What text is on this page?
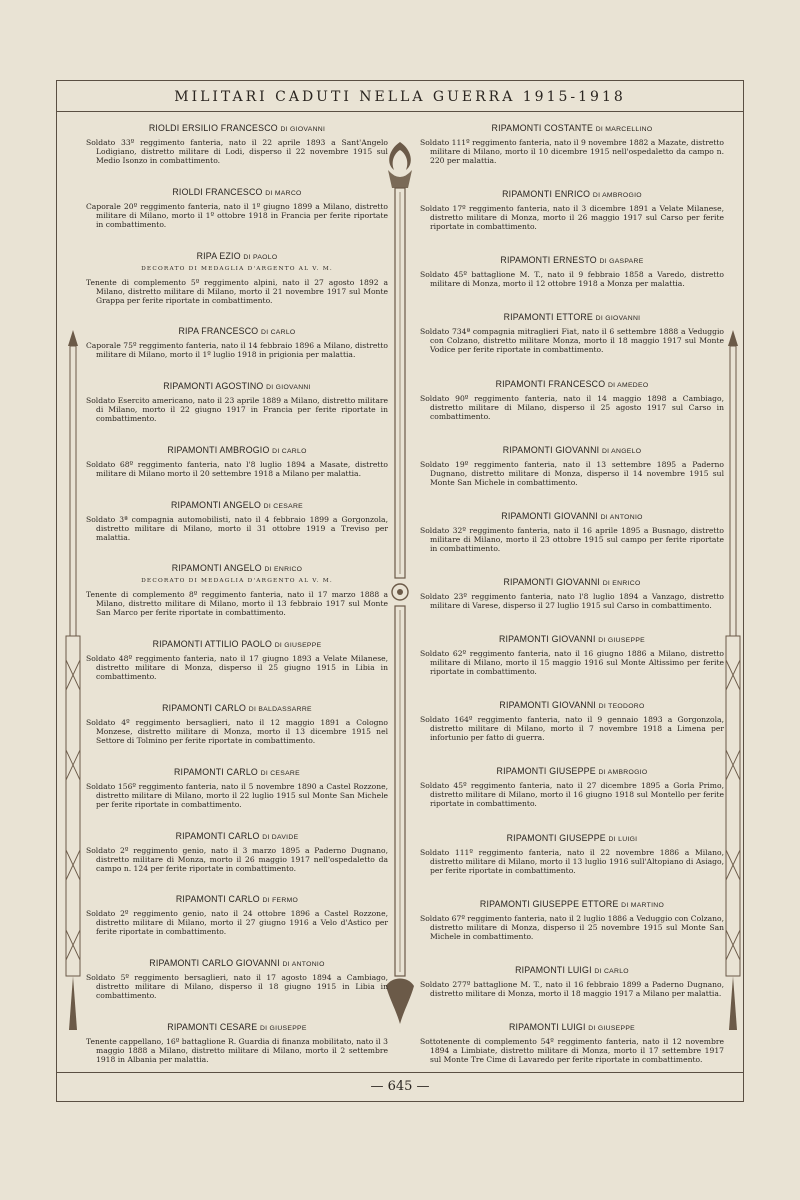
MILITARI CADUTI NELLA GUERRA 1915-1918
— 645 —
RIOLDI ERSILIO FRANCESCO DI GIOVANNI
Soldato 33º reggimento fanteria, nato il 22 aprile 1893 a Sant'Angelo Lodigiano, distretto militare di Lodi, disperso il 22 novembre 1915 sul Medio Isonzo in combattimento.
RIOLDI FRANCESCO DI MARCO
Caporale 20º reggimento fanteria, nato il 1º giugno 1899 a Milano, distretto militare di Milano, morto il 1º ottobre 1918 in Francia per ferite riportate in combattimento.
RIPA EZIO DI PAOLO
DECORATO DI MEDAGLIA D'ARGENTO AL V. M.
Tenente di complemento 5º reggimento alpini, nato il 27 agosto 1892 a Milano, distretto militare di Milano, morto il 21 novembre 1917 sul Monte Grappa per ferite riportate in combattimento.
RIPA FRANCESCO DI CARLO
Caporale 75º reggimento fanteria, nato il 14 febbraio 1896 a Milano, distretto militare di Milano, morto il 1º luglio 1918 in prigionia per malattia.
RIPAMONTI AGOSTINO DI GIOVANNI
Soldato Esercito americano, nato il 23 aprile 1889 a Milano, distretto militare di Milano, morto il 22 giugno 1917 in Francia per ferite riportate in combattimento.
RIPAMONTI AMBROGIO DI CARLO
Soldato 68º reggimento fanteria, nato l'8 luglio 1894 a Masate, distretto militare di Milano morto il 20 settembre 1918 a Milano per malattia.
RIPAMONTI ANGELO DI CESARE
Soldato 3ª compagnia automobilisti, nato il 4 febbraio 1899 a Gorgonzola, distretto militare di Milano, morto il 31 ottobre 1919 a Treviso per malattia.
RIPAMONTI ANGELO DI ENRICO
DECORATO DI MEDAGLIA D'ARGENTO AL V. M.
Tenente di complemento 8º reggimento fanteria, nato il 17 marzo 1888 a Milano, distretto militare di Milano, morto il 13 febbraio 1917 sul Monte San Marco per ferite riportate in combattimento.
RIPAMONTI ATTILIO PAOLO DI GIUSEPPE
Soldato 48º reggimento fanteria, nato il 17 giugno 1893 a Velate Milanese, distretto militare di Monza, disperso il 25 giugno 1915 in Libia in combattimento.
RIPAMONTI CARLO DI BALDASSARRE
Soldato 4º reggimento bersaglieri, nato il 12 maggio 1891 a Cologno Monzese, distretto militare di Monza, morto il 13 dicembre 1915 nel Settore di Tolmino per ferite riportate in combattimento.
RIPAMONTI CARLO DI CESARE
Soldato 156º reggimento fanteria, nato il 5 novembre 1890 a Castel Rozzone, distretto militare di Milano, morto il 22 luglio 1915 sul Monte San Michele per ferite riportate in combattimento.
RIPAMONTI CARLO DI DAVIDE
Soldato 2º reggimento genio, nato il 3 marzo 1895 a Paderno Dugnano, distretto militare di Monza, morto il 26 maggio 1917 nell'ospedaletto da campo n. 124 per ferite riportate in combattimento.
RIPAMONTI CARLO DI FERMO
Soldato 2º reggimento genio, nato il 24 ottobre 1896 a Castel Rozzone, distretto militare di Milano, morto il 27 giugno 1916 a Velo d'Astico per ferite riportate in combattimento.
RIPAMONTI CARLO GIOVANNI DI ANTONIO
Soldato 5º reggimento bersaglieri, nato il 17 agosto 1894 a Cambiago, distretto militare di Milano, disperso il 18 giugno 1915 in Libia in combattimento.
RIPAMONTI CESARE DI GIUSEPPE
Tenente cappellano, 16º battaglione R. Guardia di finanza mobilitato, nato il 3 maggio 1888 a Milano, distretto militare di Milano, morto il 2 settembre 1918 in Albania per malattia.
RIPAMONTI COSTANTE DI MARCELLINO
Soldato 111º reggimento fanteria, nato il 9 novembre 1882 a Mazate, distretto militare di Milano, morto il 10 dicembre 1915 nell'ospedaletto da campo n. 220 per malattia.
RIPAMONTI ENRICO DI AMBROGIO
Soldato 17º reggimento fanteria, nato il 3 dicembre 1891 a Velate Milanese, distretto militare di Monza, morto il 26 maggio 1917 sul Carso per ferite riportate in combattimento.
RIPAMONTI ERNESTO DI GASPARE
Soldato 45º battaglione M. T., nato il 9 febbraio 1858 a Varedo, distretto militare di Monza, morto il 12 ottobre 1918 a Monza per malattia.
RIPAMONTI ETTORE DI GIOVANNI
Soldato 734ª compagnia mitraglieri Fiat, nato il 6 settembre 1888 a Veduggio con Colzano, distretto militare Monza, morto il 18 maggio 1917 sul Monte Vodice per ferite riportate in combattimento.
RIPAMONTI FRANCESCO DI AMEDEO
Soldato 90º reggimento fanteria, nato il 14 maggio 1898 a Cambiago, distretto militare di Milano, disperso il 25 agosto 1917 sul Carso in combattimento.
RIPAMONTI GIOVANNI DI ANGELO
Soldato 19º reggimento fanteria, nato il 13 settembre 1895 a Paderno Dugnano, distretto militare di Monza, disperso il 14 novembre 1915 sul Monte San Michele in combattimento.
RIPAMONTI GIOVANNI DI ANTONIO
Soldato 32º reggimento fanteria, nato il 16 aprile 1895 a Busnago, distretto militare di Milano, morto il 23 ottobre 1915 sul campo per ferite riportate in combattimento.
RIPAMONTI GIOVANNI DI ENRICO
Soldato 23º reggimento fanteria, nato l'8 luglio 1894 a Vanzago, distretto militare di Varese, disperso il 27 luglio 1915 sul Carso in combattimento.
RIPAMONTI GIOVANNI DI GIUSEPPE
Soldato 62º reggimento fanteria, nato il 16 giugno 1886 a Milano, distretto militare di Milano, morto il 15 maggio 1916 sul Monte Altissimo per ferite riportate in combattimento.
RIPAMONTI GIOVANNI DI TEODORO
Soldato 164º reggimento fanteria, nato il 9 gennaio 1893 a Gorgonzola, distretto militare di Milano, morto il 7 novembre 1918 a Limena per infortunio per fatto di guerra.
RIPAMONTI GIUSEPPE DI AMBROGIO
Soldato 45º reggimento fanteria, nato il 27 dicembre 1895 a Gorla Primo, distretto militare di Milano, morto il 16 giugno 1918 sul Montello per ferite riportate in combattimento.
RIPAMONTI GIUSEPPE DI LUIGI
Soldato 111º reggimento fanteria, nato il 22 novembre 1886 a Milano, distretto militare di Milano, morto il 13 luglio 1916 sull'Altopiano di Asiago, per ferite riportate in combattimento.
RIPAMONTI GIUSEPPE ETTORE DI MARTINO
Soldato 67º reggimento fanteria, nato il 2 luglio 1886 a Veduggio con Colzano, distretto militare di Monza, disperso il 25 novembre 1915 sul Monte San Michele in combattimento.
RIPAMONTI LUIGI DI CARLO
Soldato 277º battaglione M. T., nato il 16 febbraio 1899 a Paderno Dugnano, distretto militare di Monza, morto il 18 maggio 1917 a Milano per malattia.
RIPAMONTI LUIGI DI GIUSEPPE
Sottotenente di complemento 54º reggimento fanteria, nato il 12 novembre 1894 a Limbiate, distretto militare di Monza, morto il 17 settembre 1917 sul Monte Tre Cime di Lavaredo per ferite riportate in combattimento.
